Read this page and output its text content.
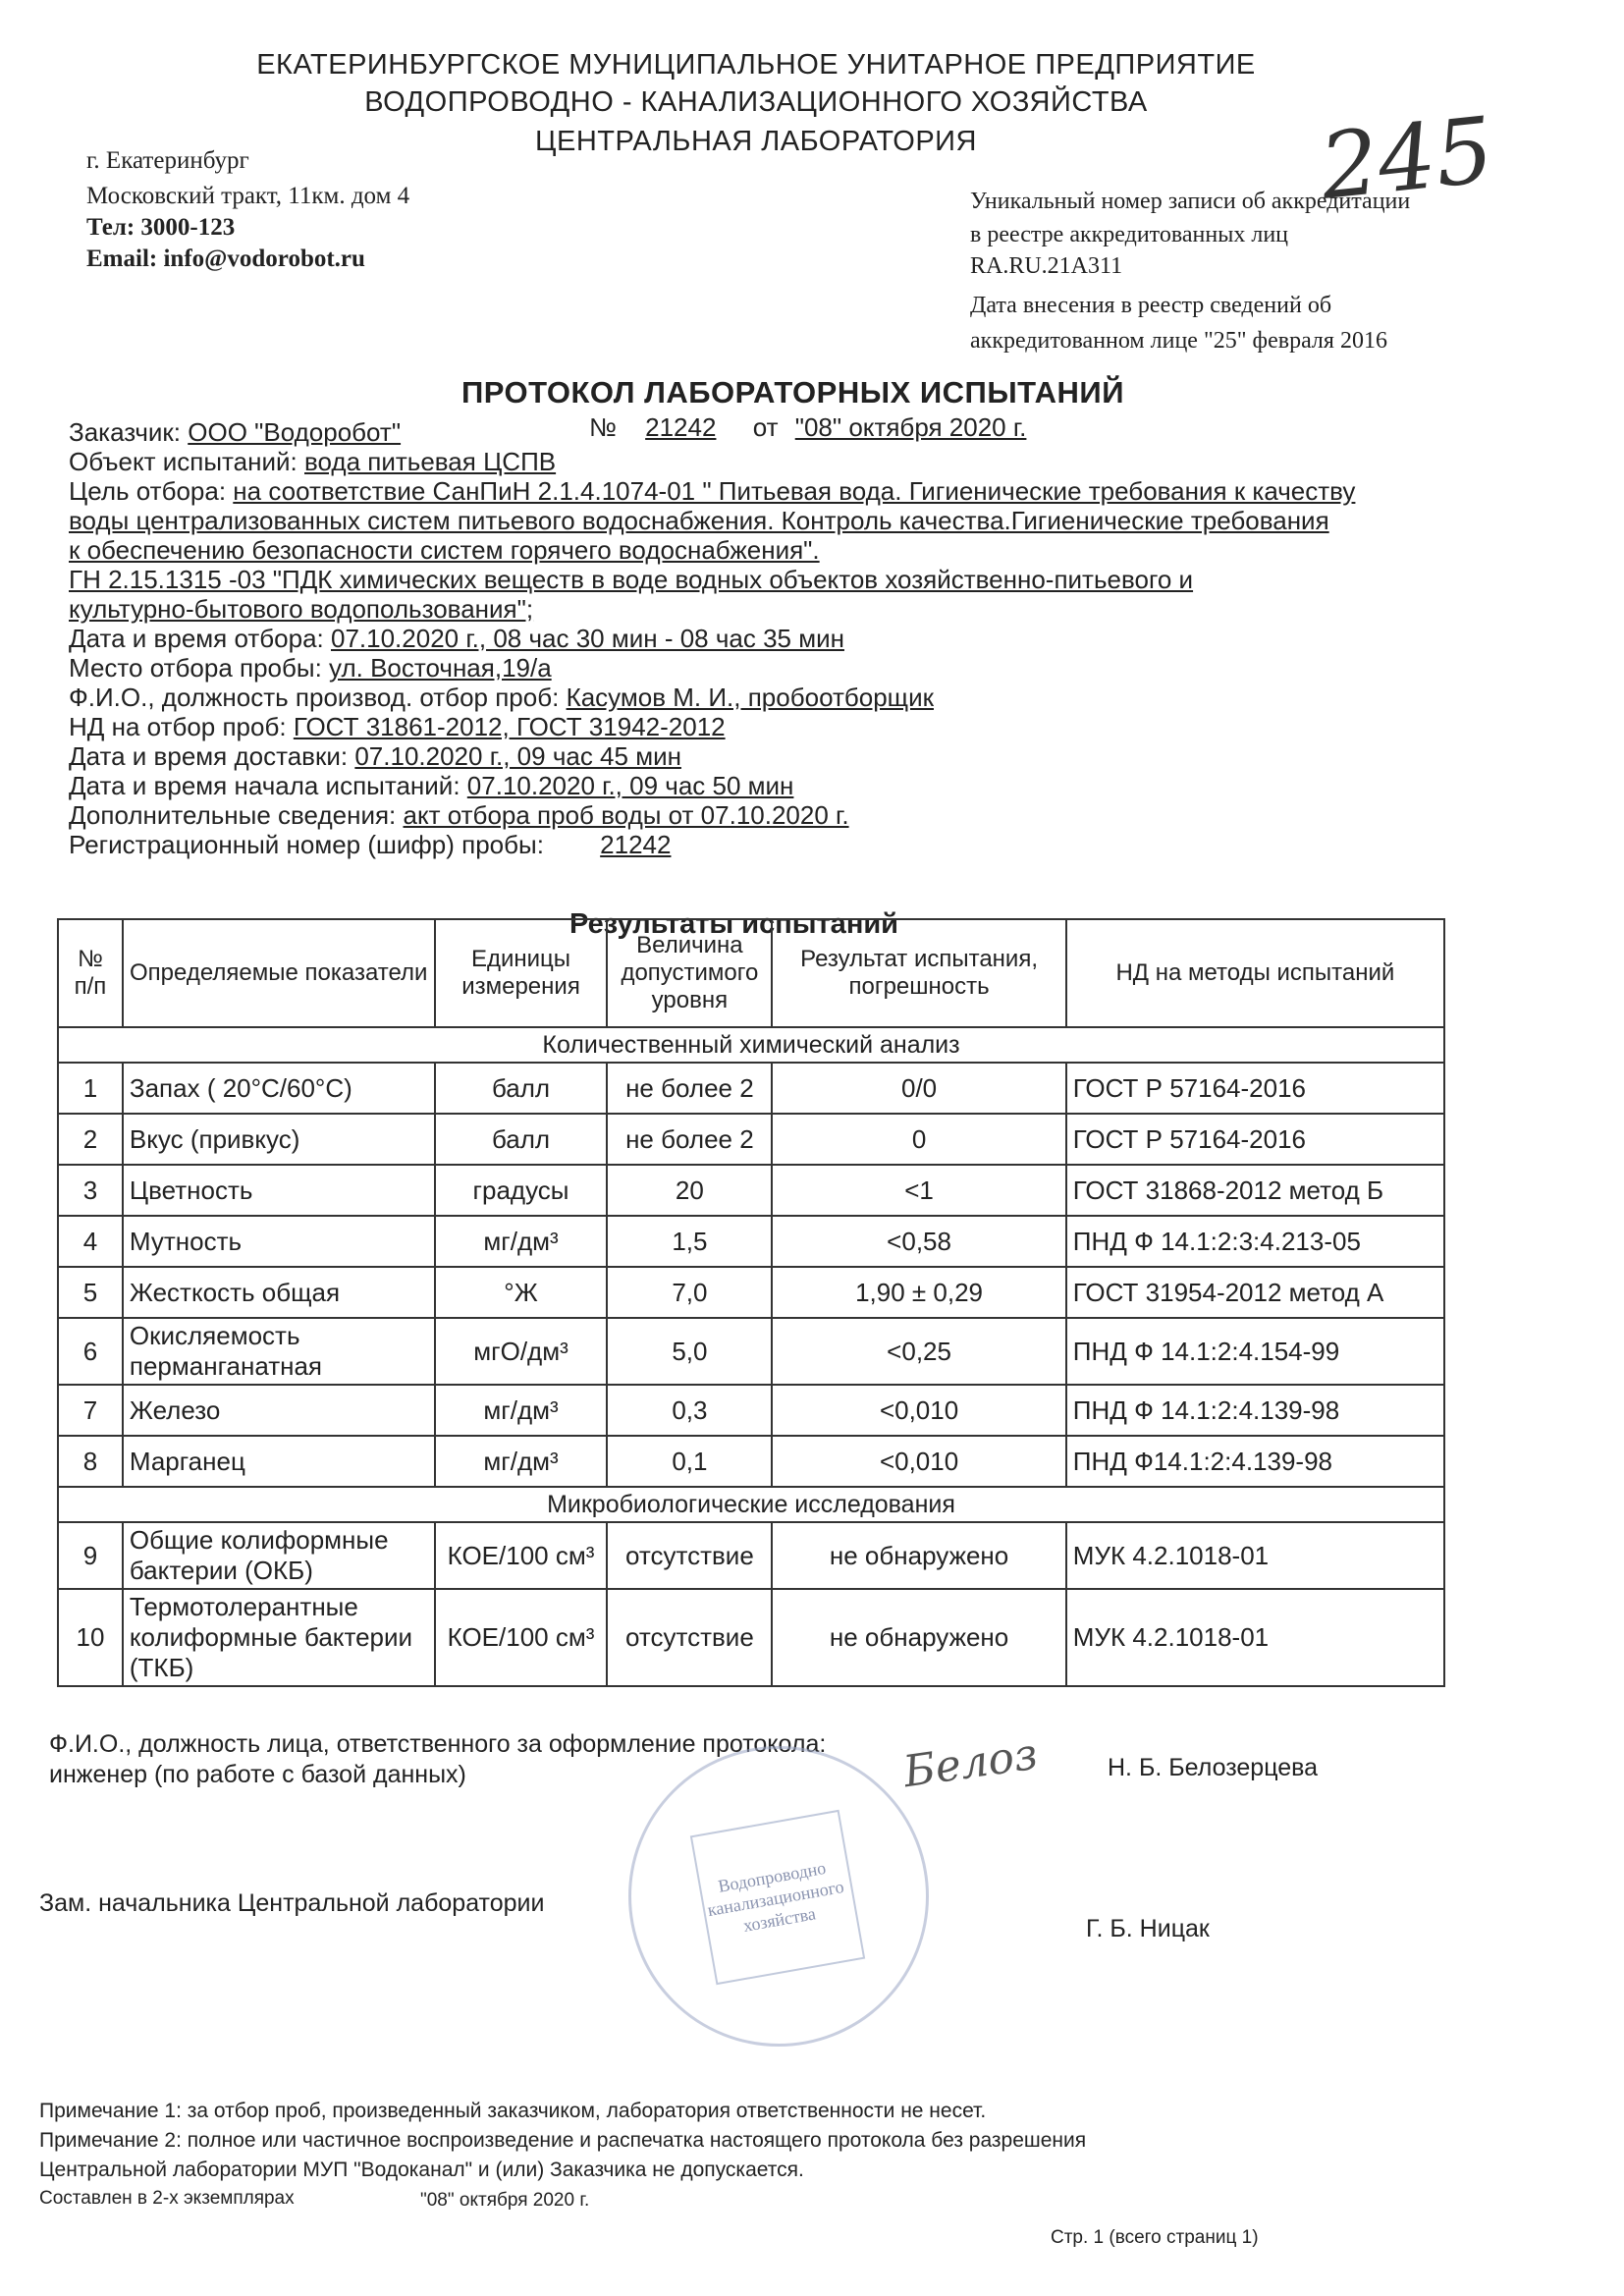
ЕКАТЕРИНБУРГСКОЕ МУНИЦИПАЛЬНОЕ УНИТАРНОЕ ПРЕДПРИЯТИЕ
ВОДОПРОВОДНО - КАНАЛИЗАЦИОННОГО ХОЗЯЙСТВА
ЦЕНТРАЛЬНАЯ ЛАБОРАТОРИЯ	245
г. Екатеринбург
Московский тракт, 11км. дом 4
Тел: 3000-123
Email: info@vodorobot.ru
Уникальный номер записи об аккредитации
в реестре аккредитованных лиц
RA.RU.21А311
Дата внесения в реестр сведений об
аккредитованном лице "25" февраля 2016
ПРОТОКОЛ ЛАБОРАТОРНЫХ ИСПЫТАНИЙ
№ 21242 от "08" октября 2020 г.
Заказчик: ООО "Водоробот"
Объект испытаний: вода питьевая ЦСПВ
Цель отбора: на соответствие СанПиН 2.1.4.1074-01 " Питьевая вода. Гигиенические требования к качеству
воды централизованных систем питьевого водоснабжения. Контроль качества.Гигиенические требования
к обеспечению безопасности систем горячего водоснабжения".
ГН 2.15.1315 -03 "ПДК химических веществ в воде водных объектов хозяйственно-питьевого и
культурно-бытового водопользования";
Дата и время отбора: 07.10.2020 г., 08 час 30 мин - 08 час 35 мин
Место отбора пробы: ул. Восточная,19/а
Ф.И.О., должность производ. отбор проб: Касумов М. И., пробоотборщик
НД на отбор проб: ГОСТ 31861-2012, ГОСТ 31942-2012
Дата и время доставки: 07.10.2020 г., 09 час 45 мин
Дата и время начала испытаний: 07.10.2020 г., 09 час 50 мин
Дополнительные сведения: акт отбора проб воды от 07.10.2020 г.
Регистрационный номер (шифр) пробы: 21242
Результаты испытаний
№ п/п	Определяемые показатели	Единицы измерения	Величина допустимого уровня	Результат испытания, погрешность	НД на методы испытаний
Количественный химический анализ					
1	Запах ( 20°С/60°С)	балл	не более 2	0/0	ГОСТ Р 57164-2016
2	Вкус (привкус)	балл	не более 2	0	ГОСТ Р 57164-2016
3	Цветность	градусы	20	<1	ГОСТ 31868-2012 метод Б
4	Мутность	мг/дм³	1,5	<0,58	ПНД Ф 14.1:2:3:4.213-05
5	Жесткость общая	°Ж	7,0	1,90 ± 0,29	ГОСТ 31954-2012 метод А
6	Окисляемость перманганатная	мгО/дм³	5,0	<0,25	ПНД Ф 14.1:2:4.154-99
7	Железо	мг/дм³	0,3	<0,010	ПНД Ф 14.1:2:4.139-98
8	Марганец	мг/дм³	0,1	<0,010	ПНД Ф14.1:2:4.139-98
Микробиологические исследования					
9	Общие колиформные бактерии (ОКБ)	КОЕ/100 см³	отсутствие	не обнаружено	МУК 4.2.1018-01
10	Термотолерантные колиформные бактерии (ТКБ)	КОЕ/100 см³	отсутствие	не обнаружено	МУК 4.2.1018-01
Ф.И.О., должность лица, ответственного за оформление протокола:
инженер (по работе с базой данных)	Белоз	Н. Б. Белозерцева
Водопроводно канализационного хозяйства
Зам. начальника Центральной лаборатории
Г. Б. Ницак
Примечание 1: за отбор проб, произведенный заказчиком, лаборатория ответственности не несет.
Примечание 2: полное или частичное воспроизведение и распечатка настоящего протокола без разрешения
Центральной лаборатории МУП "Водоканал" и (или) Заказчика не допускается.
Составлен в 2-х экземплярах	"08" октября 2020 г.
Стр. 1 (всего страниц 1)
